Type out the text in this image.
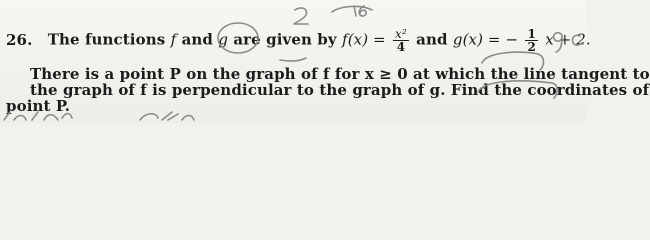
26. The functions f and g are given by $f(x) = \frac{\text{x²}}{4}$ and g(x) = − $\frac{1}{2}$ x + 2.
There is a point P on the graph of f for x ≥ 0 at which the line tangent to
the graph of f is perpendicular to the graph of g. Find the coordinates of
point P.
